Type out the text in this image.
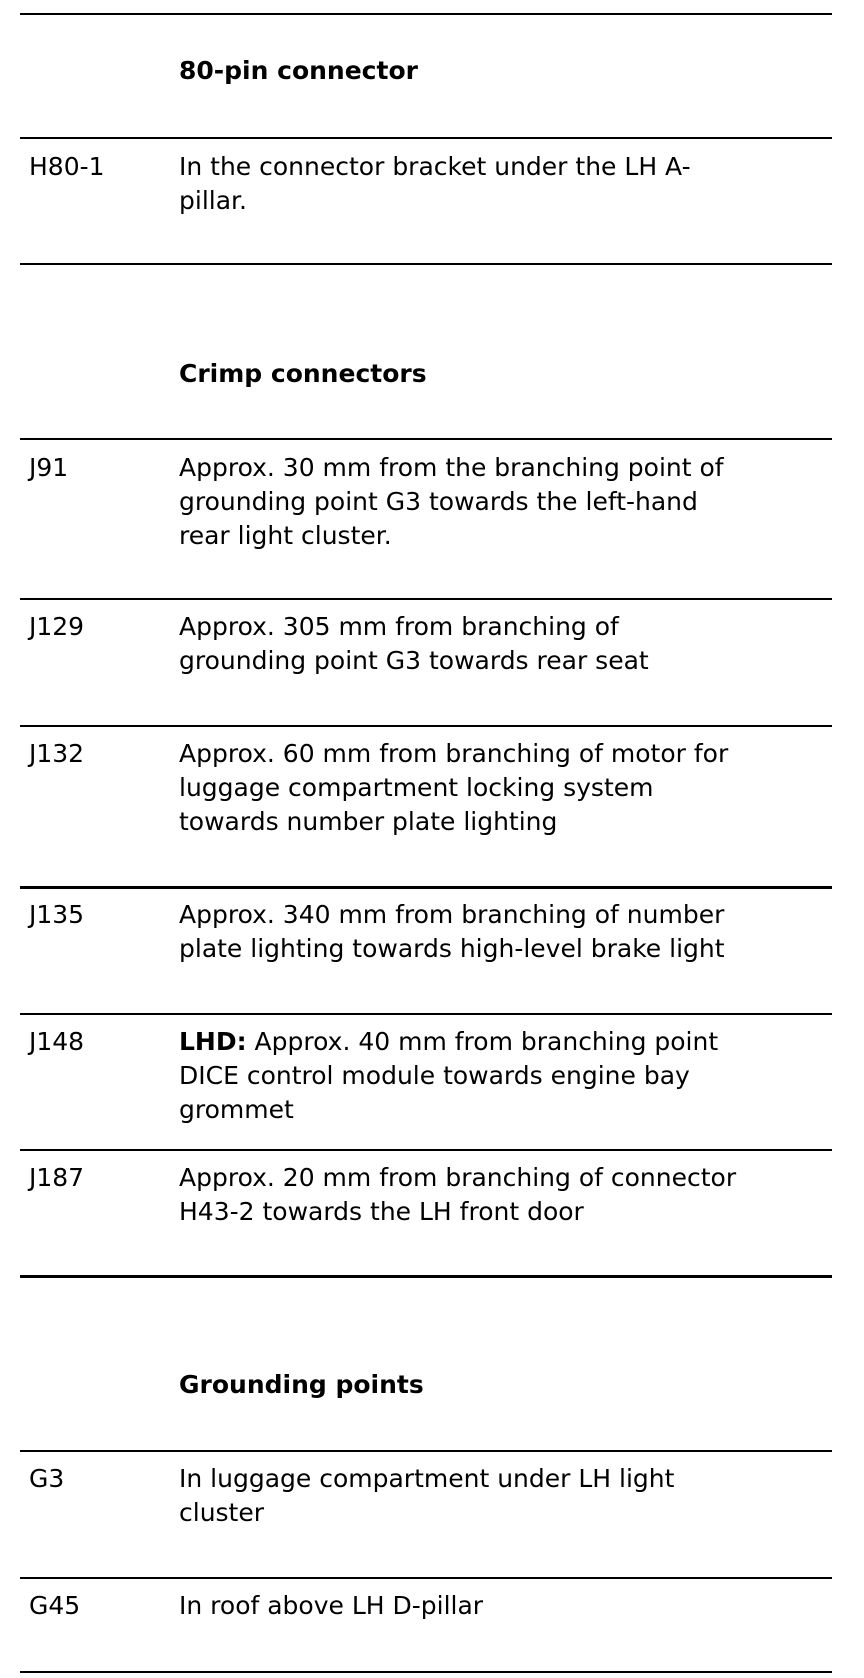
80-pin connector
H80-1	In the connector bracket under the LH A-
pillar.
Crimp connectors
J91	Approx. 30 mm from the branching point of
grounding point G3 towards the left-hand
rear light cluster.
J129	Approx. 305 mm from branching of
grounding point G3 towards rear seat
J132	Approx. 60 mm from branching of motor for
luggage compartment locking system
towards number plate lighting
J135	Approx. 340 mm from branching of number
plate lighting towards high-level brake light
J148	LHD: Approx. 40 mm from branching point
DICE control module towards engine bay
grommet
J187	Approx. 20 mm from branching of connector
H43-2 towards the LH front door
Grounding points
G3	In luggage compartment under LH light
cluster
G45	In roof above LH D-pillar
